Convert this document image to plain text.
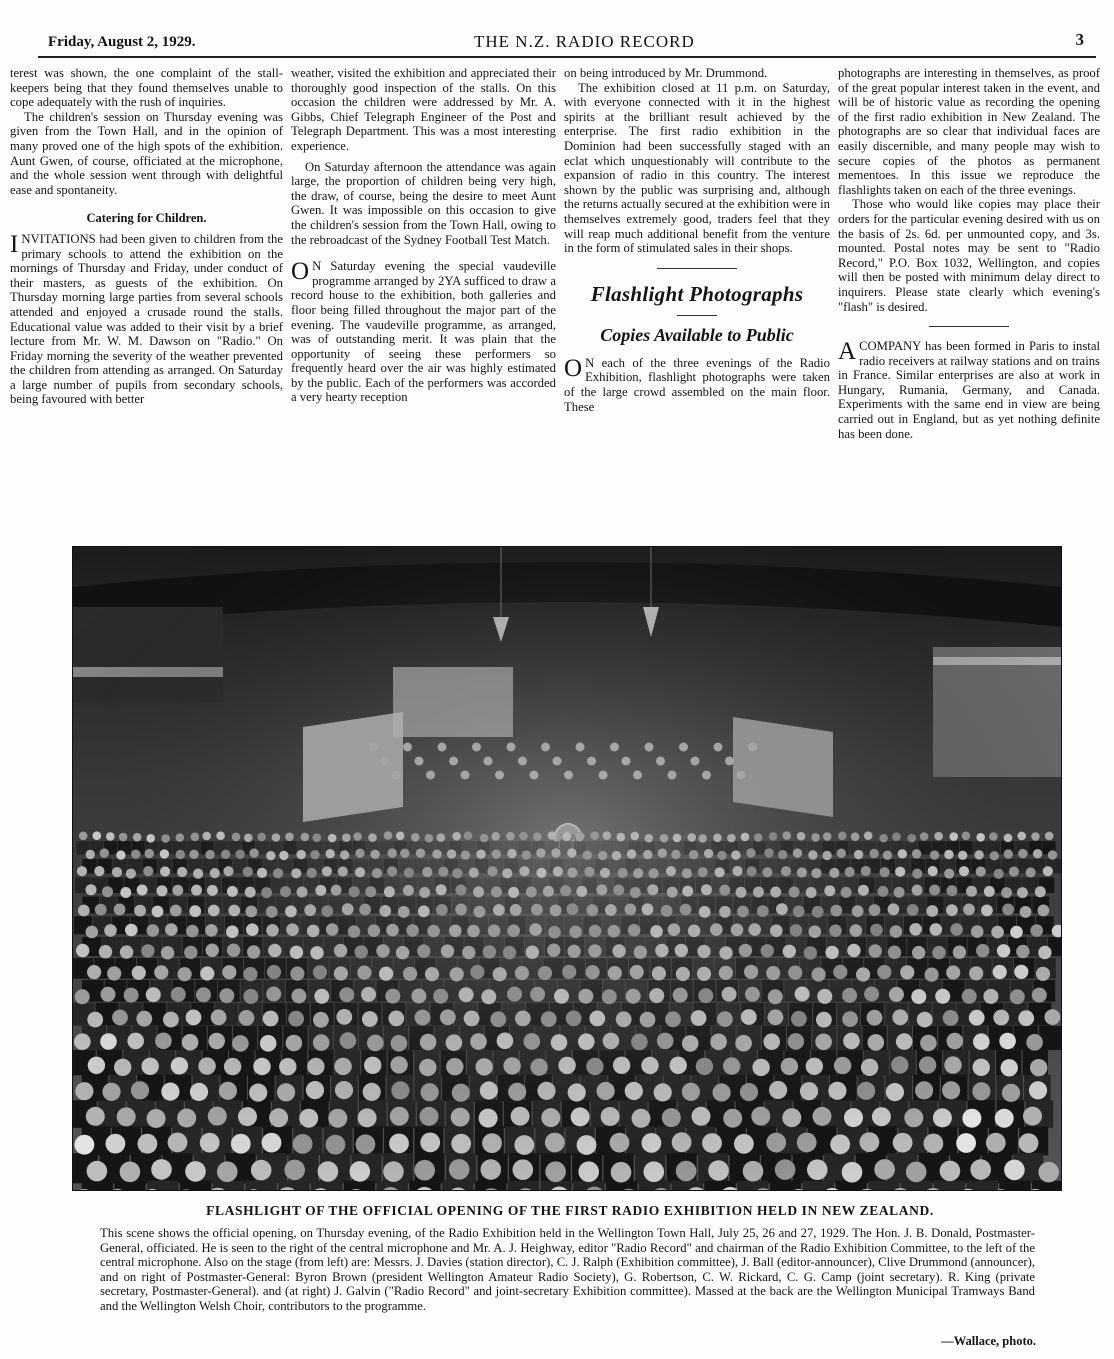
Friday, August 2, 1929.	THE N.Z. RADIO RECORD	3

terest was shown, the one complaint of the stall-keepers being that they found themselves unable to cope adequately with the rush of inquiries.

The children's session on Thursday evening was given from the Town Hall, and in the opinion of many proved one of the high spots of the exhibition. Aunt Gwen, of course, officiated at the microphone, and the whole session went through with delightful ease and spontaneity.

Catering for Children.

INVITATIONS had been given to children from the primary schools to attend the exhibition on the mornings of Thursday and Friday, under conduct of their masters, as guests of the exhibition. On Thursday morning large parties from several schools attended and enjoyed a crusade round the stalls. Educational value was added to their visit by a brief lecture from Mr. W. M. Dawson on "Radio." On Friday morning the severity of the weather prevented the children from attending as arranged. On Saturday a large number of pupils from secondary schools, being favoured with better

weather, visited the exhibition and appreciated their thoroughly good inspection of the stalls. On this occasion the children were addressed by Mr. A. Gibbs, Chief Telegraph Engineer of the Post and Telegraph Department. This was a most interesting experience.

On Saturday afternoon the attendance was again large, the proportion of children being very high, the draw, of course, being the desire to meet Aunt Gwen. It was impossible on this occasion to give the children's session from the Town Hall, owing to the rebroadcast of the Sydney Football Test Match.

O N Saturday evening the special vaudeville programme arranged by 2YA sufficed to draw a record house to the exhibition, both galleries and floor being filled throughout the major part of the evening. The vaudeville programme, as arranged, was of outstanding merit. It was plain that the opportunity of seeing these performers so frequently heard over the air was highly estimated by the public. Each of the performers was accorded a very hearty reception

on being introduced by Mr. Drummond.

The exhibition closed at 11 p.m. on Saturday, with everyone connected with it in the highest spirits at the brilliant result achieved by the enterprise. The first radio exhibition in the Dominion had been successfully staged with an eclat which unquestionably will contribute to the expansion of radio in this country. The interest shown by the public was surprising and, although the returns actually secured at the exhibition were in themselves extremely good, traders feel that they will reap much additional benefit from the venture in the form of stimulated sales in their shops.

Flashlight Photographs
Copies Available to Public

O N each of the three evenings of the Radio Exhibition, flashlight photographs were taken of the large crowd assembled on the main floor. These

photographs are interesting in themselves, as proof of the great popular interest taken in the event, and will be of historic value as recording the opening of the first radio exhibition in New Zealand. The photographs are so clear that individual faces are easily discernible, and many people may wish to secure copies of the photos as permanent mementoes. In this issue we reproduce the flashlights taken on each of the three evenings.

Those who would like copies may place their orders for the particular evening desired with us on the basis of 2s. 6d. per unmounted copy, and 3s. mounted. Postal notes may be sent to "Radio Record," P.O. Box 1032, Wellington, and copies will then be posted with minimum delay direct to inquirers. Please state clearly which evening's "flash" is desired.

ACOMPANY has been formed in Paris to instal radio receivers at railway stations and on trains in France. Similar enterprises are also at work in Hungary, Rumania, Germany, and Canada. Experiments with the same end in view are being carried out in England, but as yet nothing definite has been done.

FLASHLIGHT OF THE OFFICIAL OPENING OF THE FIRST RADIO EXHIBITION HELD IN NEW ZEALAND.
This scene shows the official opening, on Thursday evening, of the Radio Exhibition held in the Wellington Town Hall, July 25, 26 and 27, 1929. The Hon. J. B. Donald, Postmaster-General, officiated. He is seen to the right of the central microphone and Mr. A. J. Heighway, editor "Radio Record" and chairman of the Radio Exhibition Committee, to the left of the central microphone. Also on the stage (from left) are: Messrs. J. Davies (station director), C. J. Ralph (Exhibition committee), J. Ball (editor-announcer), Clive Drummond (announcer), and on right of Postmaster-General: Byron Brown (president Wellington Amateur Radio Society), G. Robertson, C. W. Rickard, C. G. Camp (joint secretary). R. King (private secretary, Postmaster-General). and (at right) J. Galvin ("Radio Record" and joint-secretary Exhibition committee). Massed at the back are the Wellington Municipal Tramways Band and the Wellington Welsh Choir, contributors to the programme.
—Wallace, photo.
